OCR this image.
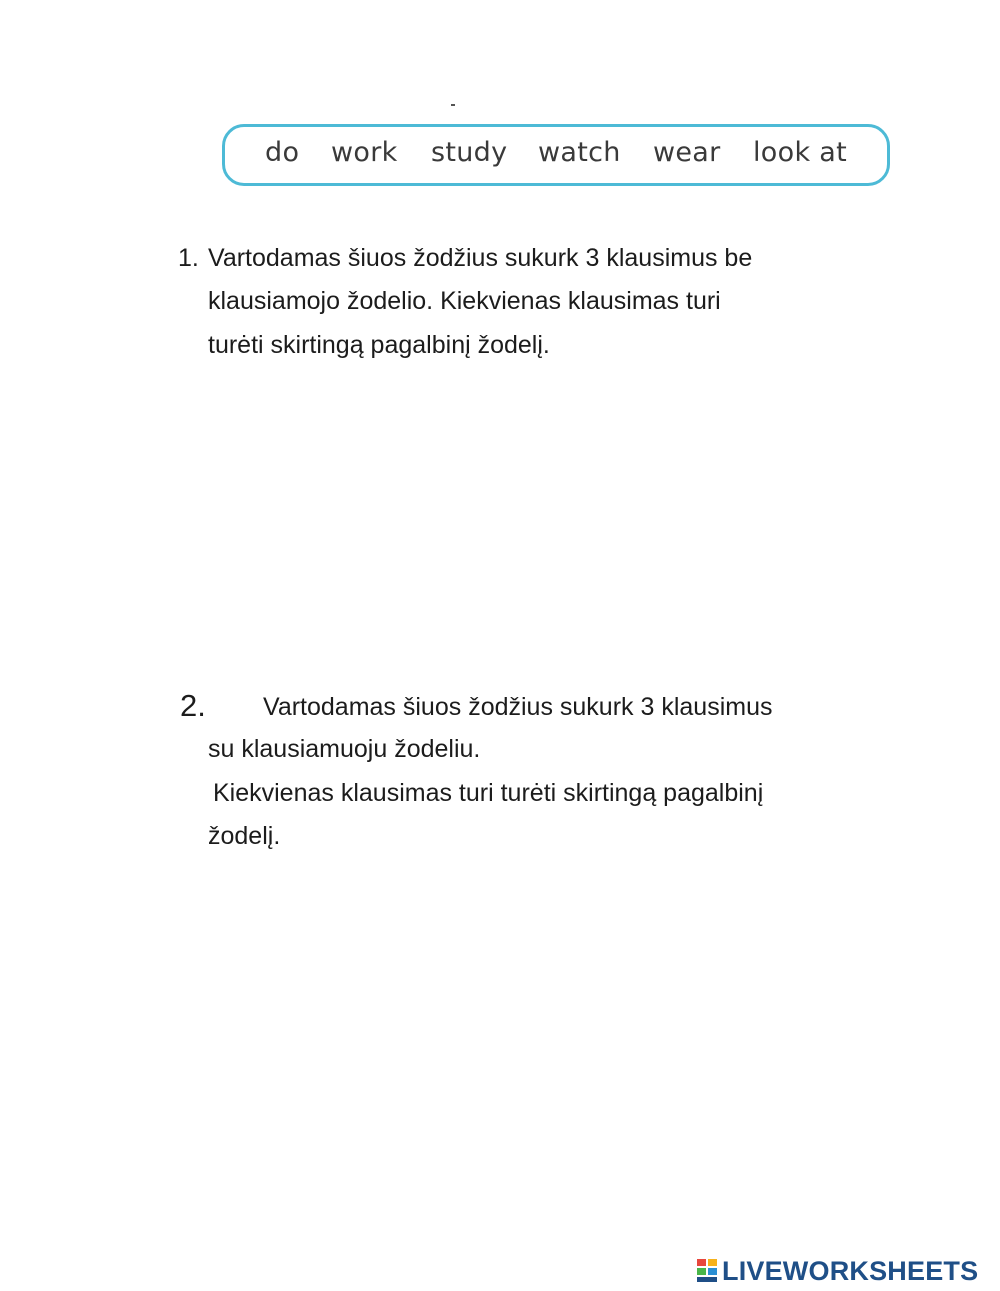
do work study watch wear look at
1. Vartodamas šiuos žodžius sukurk 3 klausimus be
klausiamojo žodelio. Kiekvienas klausimas turi
turėti skirtingą pagalbinį žodelį.
2. Vartodamas šiuos žodžius sukurk 3 klausimus
su klausiamuoju žodeliu.
Kiekvienas klausimas turi turėti skirtingą pagalbinį
žodelį.
LIVEWORKSHEETS
